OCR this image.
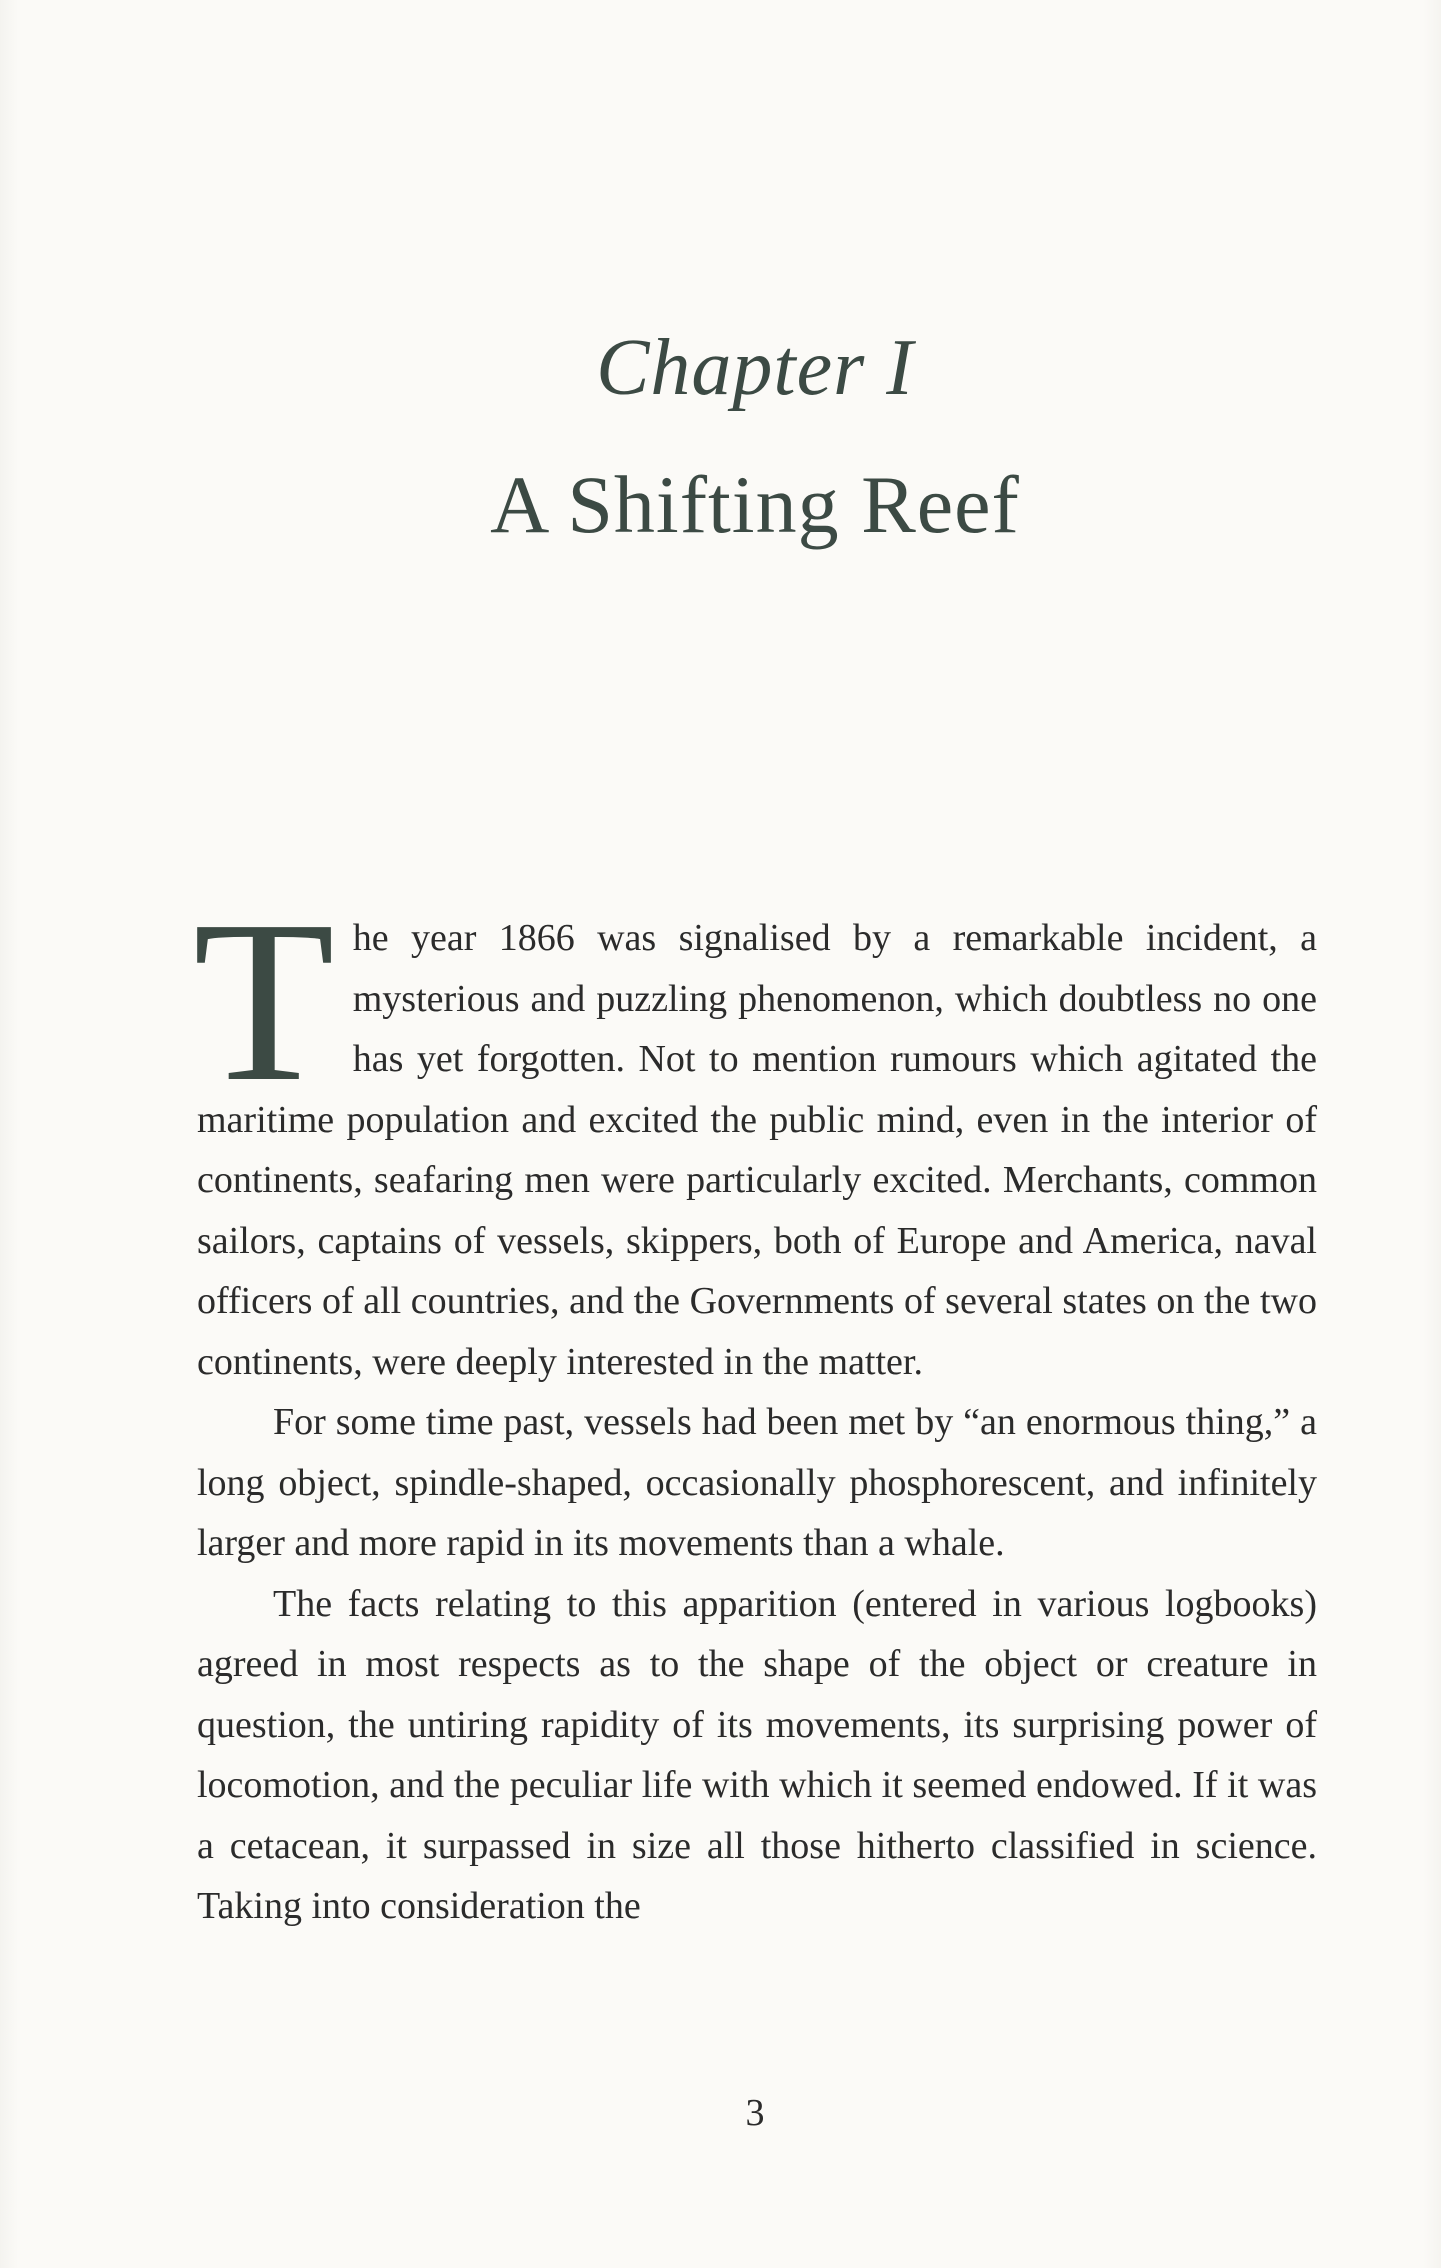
Chapter I
A Shifting Reef

The year 1866 was signalised by a remarkable incident, a mysterious and puzzling phenomenon, which doubtless no one has yet forgotten. Not to mention rumours which agitated the maritime population and excited the public mind, even in the interior of continents, seafaring men were particularly excited. Merchants, common sailors, captains of vessels, skippers, both of Europe and America, naval officers of all countries, and the Governments of several states on the two continents, were deeply interested in the matter.

For some time past, vessels had been met by “an enormous thing,” a long object, spindle-shaped, occasionally phosphorescent, and infinitely larger and more rapid in its movements than a whale.

The facts relating to this apparition (entered in various logbooks) agreed in most respects as to the shape of the object or creature in question, the untiring rapidity of its movements, its surprising power of locomotion, and the peculiar life with which it seemed endowed. If it was a cetacean, it surpassed in size all those hitherto classified in science. Taking into consideration the

3
